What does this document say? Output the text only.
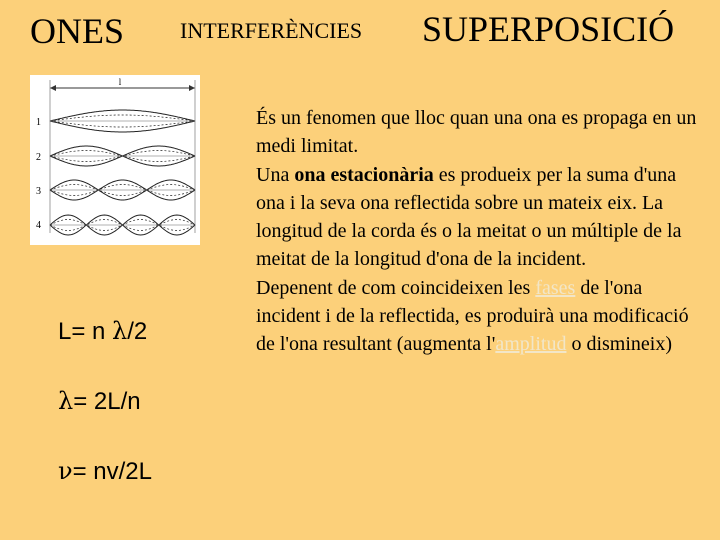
ONES	INTERFERÈNCIES SUPERPOSICIÓ
l
1
2
3
4
L= n λ/2
λ= 2L/n
ν= nv/2L
És un fenomen que lloc quan una ona es propaga en un medi limitat.
Una ona estacionària es produeix per la suma d'una ona i la seva ona reflectida sobre un mateix eix. La longitud de la corda és o la meitat o un múltiple de la meitat de la longitud d'ona de la incident.
Depenent de com coincideixen les fases de l'ona incident i de la reflectida, es produirà una modificació de l'ona resultant (augmenta l'amplitud o dismineix)
